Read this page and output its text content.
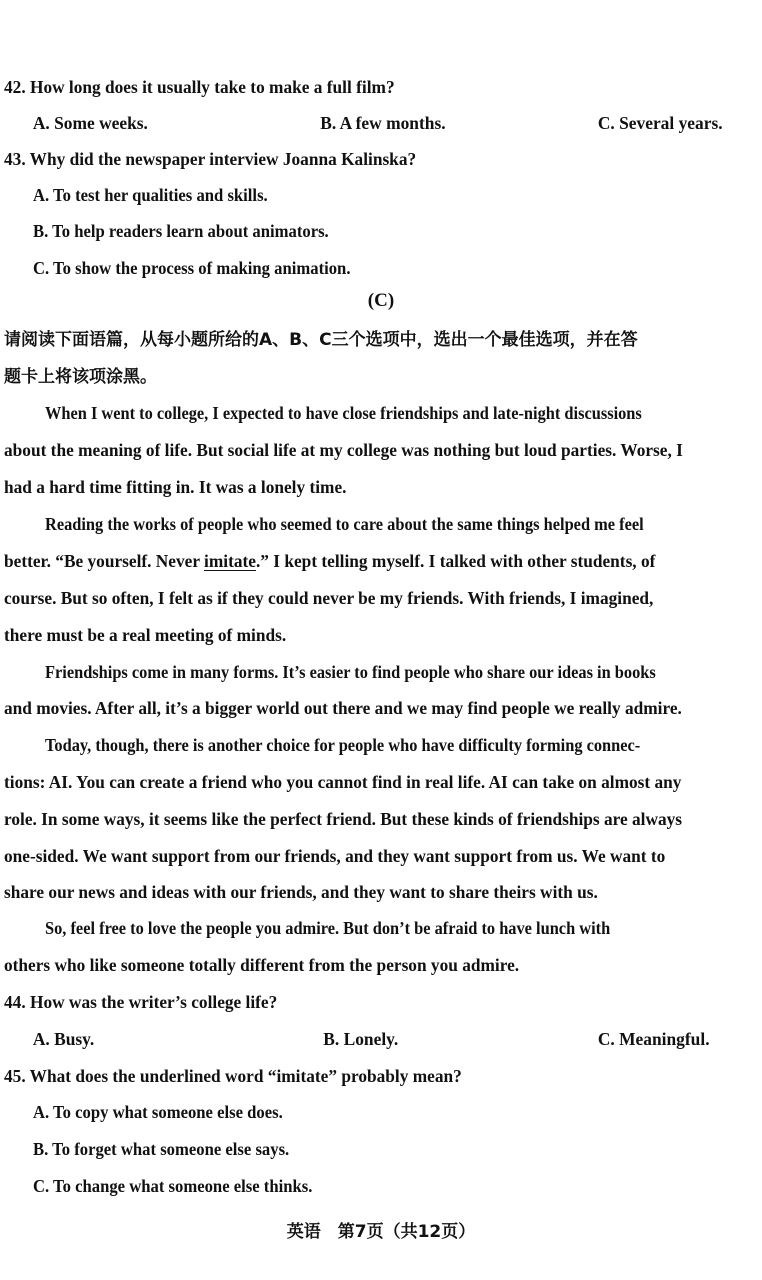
42. How long does it usually take to make a full film?
A. Some weeks.	B. A few months.	C. Several years.
43. Why did the newspaper interview Joanna Kalinska?
A. To test her qualities and skills.
B. To help readers learn about animators.
C. To show the process of making animation.
(C)
请阅读下面语篇，从每小题所给的A、B、C三个选项中，选出一个最佳选项，并在答
题卡上将该项涂黑。
When I went to college, I expected to have close friendships and late-night discussions
about the meaning of life. But social life at my college was nothing but loud parties. Worse, I
had a hard time fitting in. It was a lonely time.
Reading the works of people who seemed to care about the same things helped me feel
better. “Be yourself. Never imitate.” I kept telling myself. I talked with other students, of
course. But so often, I felt as if they could never be my friends. With friends, I imagined,
there must be a real meeting of minds.
Friendships come in many forms. It’s easier to find people who share our ideas in books
and movies. After all, it’s a bigger world out there and we may find people we really admire.
Today, though, there is another choice for people who have difficulty forming connec-
tions: AI. You can create a friend who you cannot find in real life. AI can take on almost any
role. In some ways, it seems like the perfect friend. But these kinds of friendships are always
one-sided. We want support from our friends, and they want support from us. We want to
share our news and ideas with our friends, and they want to share theirs with us.
So, feel free to love the people you admire. But don’t be afraid to have lunch with
others who like someone totally different from the person you admire.
44. How was the writer’s college life?
A. Busy.	B. Lonely.	C. Meaningful.
45. What does the underlined word “imitate” probably mean?
A. To copy what someone else does.
B. To forget what someone else says.
C. To change what someone else thinks.
英语　第7页（共12页）
